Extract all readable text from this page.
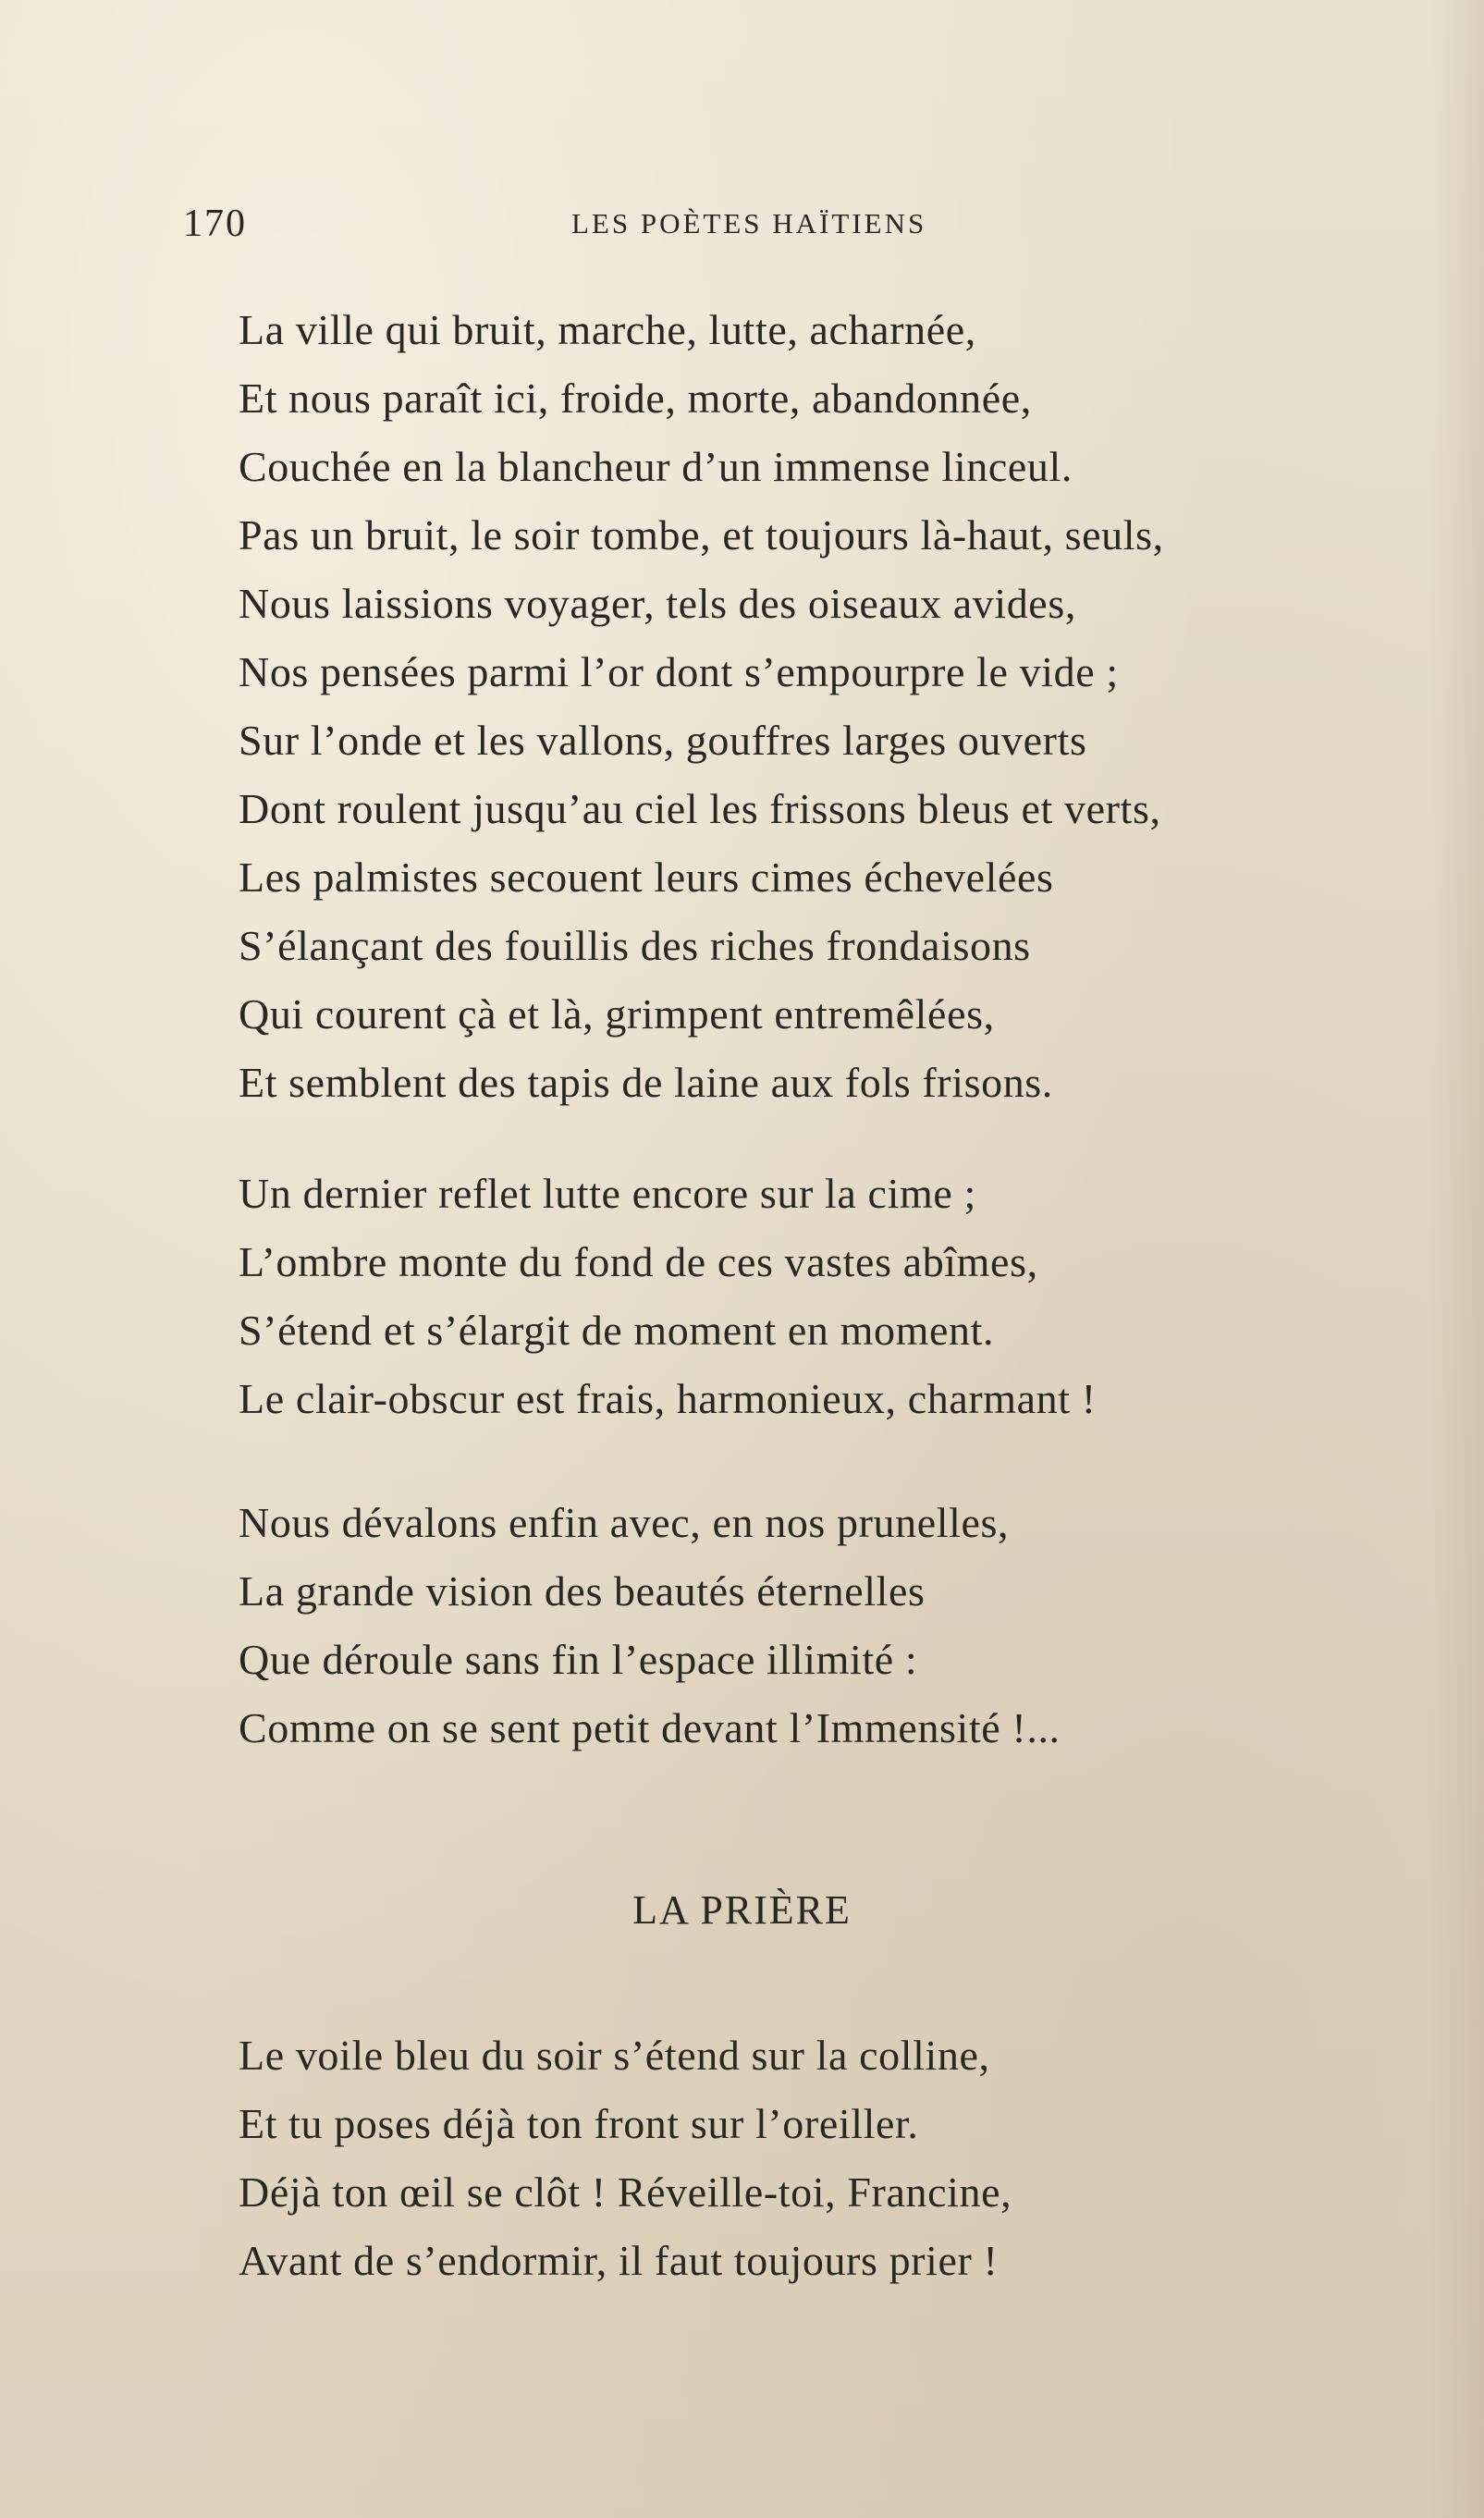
170	LES POÈTES HAÏTIENS
La ville qui bruit, marche, lutte, acharnée,
Et nous paraît ici, froide, morte, abandonnée,
Couchée en la blancheur d’un immense linceul.
Pas un bruit, le soir tombe, et toujours là-haut, seuls,
Nous laissions voyager, tels des oiseaux avides,
Nos pensées parmi l’or dont s’empourpre le vide ;
Sur l’onde et les vallons, gouffres larges ouverts
Dont roulent jusqu’au ciel les frissons bleus et verts,
Les palmistes secouent leurs cimes échevelées
S’élançant des fouillis des riches frondaisons
Qui courent çà et là, grimpent entremêlées,
Et semblent des tapis de laine aux fols frisons.
Un dernier reflet lutte encore sur la cime ;
L’ombre monte du fond de ces vastes abîmes,
S’étend et s’élargit de moment en moment.
Le clair-obscur est frais, harmonieux, charmant !
Nous dévalons enfin avec, en nos prunelles,
La grande vision des beautés éternelles
Que déroule sans fin l’espace illimité :
Comme on se sent petit devant l’Immensité !...
LA PRIÈRE
Le voile bleu du soir s’étend sur la colline,
Et tu poses déjà ton front sur l’oreiller.
Déjà ton œil se clôt ! Réveille-toi, Francine,
Avant de s’endormir, il faut toujours prier !
